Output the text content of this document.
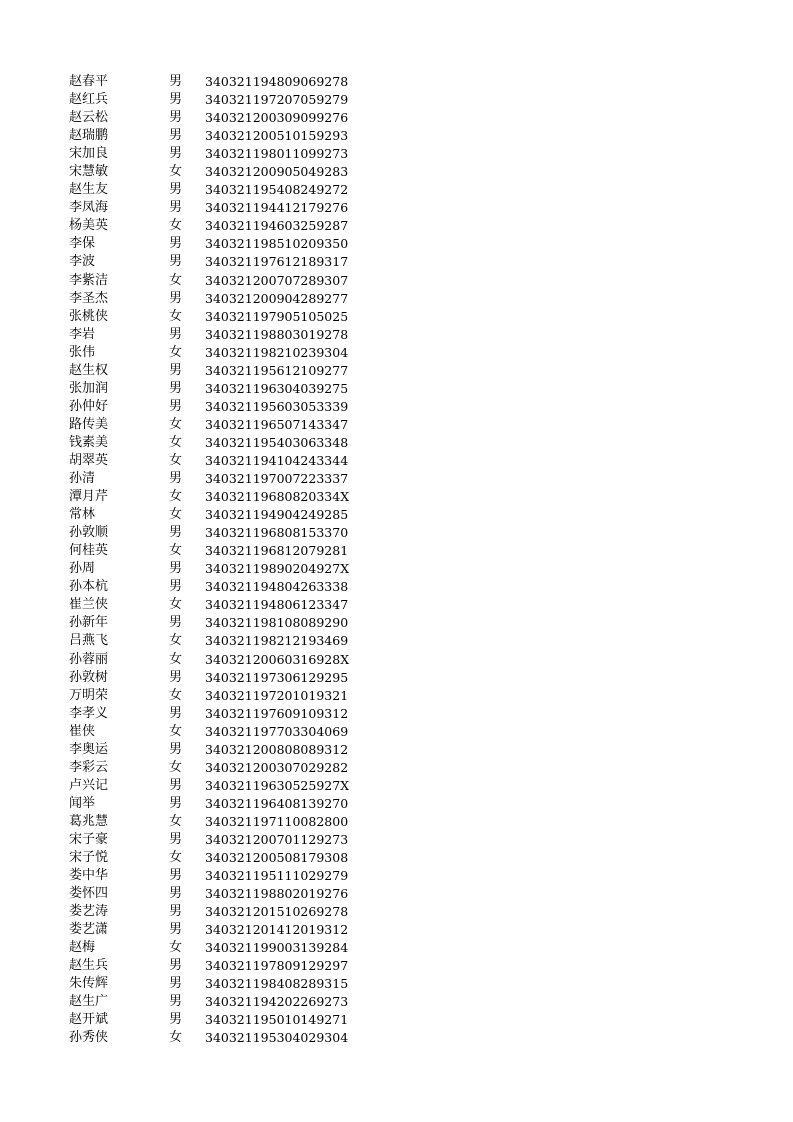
赵春平	男 340321194809069278
赵红兵	男 340321197207059279
赵云松	男 340321200309099276
赵瑞鹏	男 340321200510159293
宋加良	男 340321198011099273
宋慧敏	女 340321200905049283
赵生友	男 340321195408249272
李凤海	男 340321194412179276
杨美英	女 340321194603259287
李保	男 340321198510209350
李波	男 340321197612189317
李紫洁	女 340321200707289307
李圣杰	男 340321200904289277
张桃侠	女 340321197905105025
李岩	男 340321198803019278
张伟	女 340321198210239304
赵生权	男 340321195612109277
张加润	男 340321196304039275
孙仲好	男 340321195603053339
路传美	女 340321196507143347
钱素美	女 340321195403063348
胡翠英	女 340321194104243344
孙清	男 340321197007223337
潭月芹	女 34032119680820334X
常林	女 340321194904249285
孙敦顺	男 340321196808153370
何桂英	女 340321196812079281
孙周	男 34032119890204927X
孙本杭	男 340321194804263338
崔兰侠	女 340321194806123347
孙新年	男 340321198108089290
吕燕飞	女 340321198212193469
孙蓉丽	女 34032120060316928X
孙敦树	男 340321197306129295
万明荣	女 340321197201019321
李孝义	男 340321197609109312
崔侠	女 340321197703304069
李奥运	男 340321200808089312
李彩云	女 340321200307029282
卢兴记	男 34032119630525927X
闻举	男 340321196408139270
葛兆慧	女 340321197110082800
宋子豪	男 340321200701129273
宋子悦	女 340321200508179308
娄中华	男 340321195111029279
娄怀四	男 340321198802019276
娄艺涛	男 340321201510269278
娄艺潇	男 340321201412019312
赵梅	女 340321199003139284
赵生兵	男 340321197809129297
朱传辉	男 340321198408289315
赵生广	男 340321194202269273
赵开斌	男 340321195010149271
孙秀侠	女 340321195304029304
